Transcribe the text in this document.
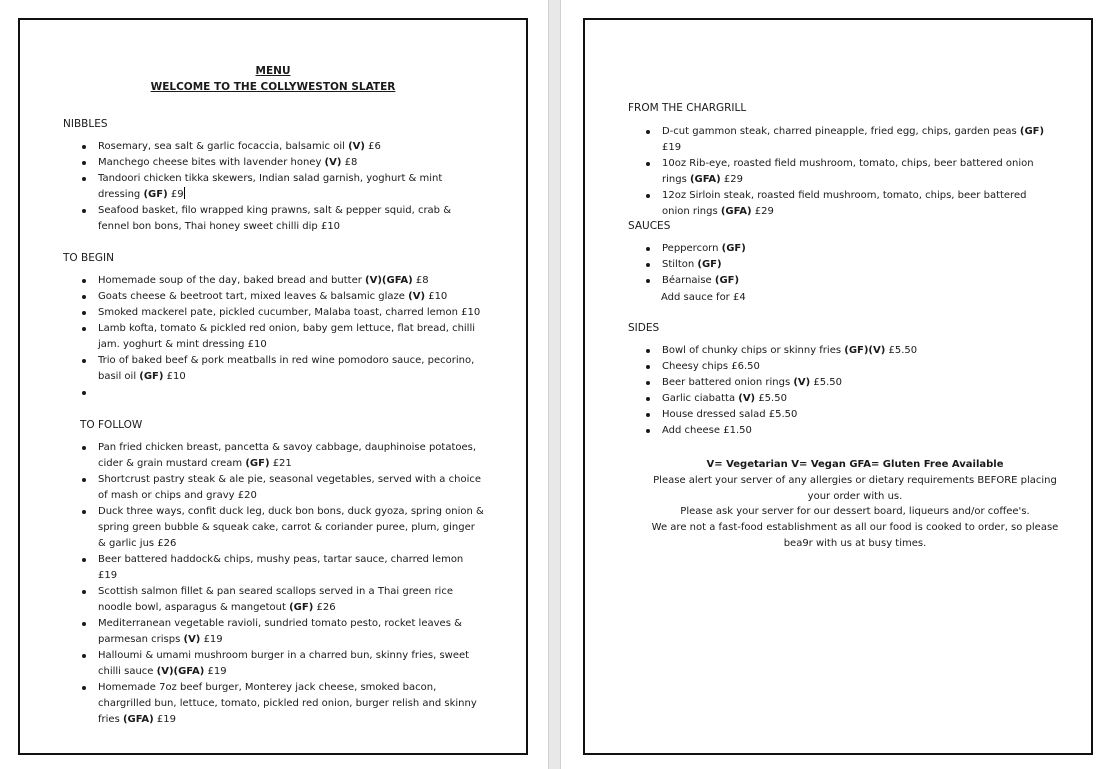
MENU
WELCOME TO THE COLLYWESTON SLATER
NIBBLES
Rosemary, sea salt & garlic focaccia, balsamic oil (V) £6
Manchego cheese bites with lavender honey (V) £8
Tandoori chicken tikka skewers, Indian salad garnish, yoghurt & mint dressing (GF) £9
Seafood basket, filo wrapped king prawns, salt & pepper squid, crab & fennel bon bons, Thai honey sweet chilli dip £10
TO BEGIN
Homemade soup of the day, baked bread and butter (V)(GFA) £8
Goats cheese & beetroot tart, mixed leaves & balsamic glaze (V) £10
Smoked mackerel pate, pickled cucumber, Malaba toast, charred lemon £10
Lamb kofta, tomato & pickled red onion, baby gem lettuce, flat bread, chilli jam. yoghurt & mint dressing £10
Trio of baked beef & pork meatballs in red wine pomodoro sauce, pecorino, basil oil (GF) £10

TO FOLLOW
Pan fried chicken breast, pancetta & savoy cabbage, dauphinoise potatoes, cider & grain mustard cream (GF) £21
Shortcrust pastry steak & ale pie, seasonal vegetables, served with a choice of mash or chips and gravy £20
Duck three ways, confit duck leg, duck bon bons, duck gyoza, spring onion & spring green bubble & squeak cake, carrot & coriander puree, plum, ginger & garlic jus £26
Beer battered haddock& chips, mushy peas, tartar sauce, charred lemon £19
Scottish salmon fillet & pan seared scallops served in a Thai green rice noodle bowl, asparagus & mangetout (GF) £26
Mediterranean vegetable ravioli, sundried tomato pesto, rocket leaves & parmesan crisps (V) £19
Halloumi & umami mushroom burger in a charred bun, skinny fries, sweet chilli sauce (V)(GFA) £19
Homemade 7oz beef burger, Monterey jack cheese, smoked bacon, chargrilled bun, lettuce, tomato, pickled red onion, burger relish and skinny fries (GFA) £19
FROM THE CHARGRILL
D-cut gammon steak, charred pineapple, fried egg, chips, garden peas (GF) £19
10oz Rib-eye, roasted field mushroom, tomato, chips, beer battered onion rings (GFA) £29
12oz Sirloin steak, roasted field mushroom, tomato, chips, beer battered onion rings (GFA) £29
SAUCES
Peppercorn (GF)
Stilton (GF)
Béarnaise (GF)
Add sauce for £4
SIDES
Bowl of chunky chips or skinny fries (GF)(V) £5.50
Cheesy chips £6.50
Beer battered onion rings (V) £5.50
Garlic ciabatta (V) £5.50
House dressed salad £5.50
Add cheese £1.50
V= Vegetarian V= Vegan GFA= Gluten Free Available
Please alert your server of any allergies or dietary requirements BEFORE placing your order with us.
Please ask your server for our dessert board, liqueurs and/or coffee's.
We are not a fast-food establishment as all our food is cooked to order, so please bea9r with us at busy times.
